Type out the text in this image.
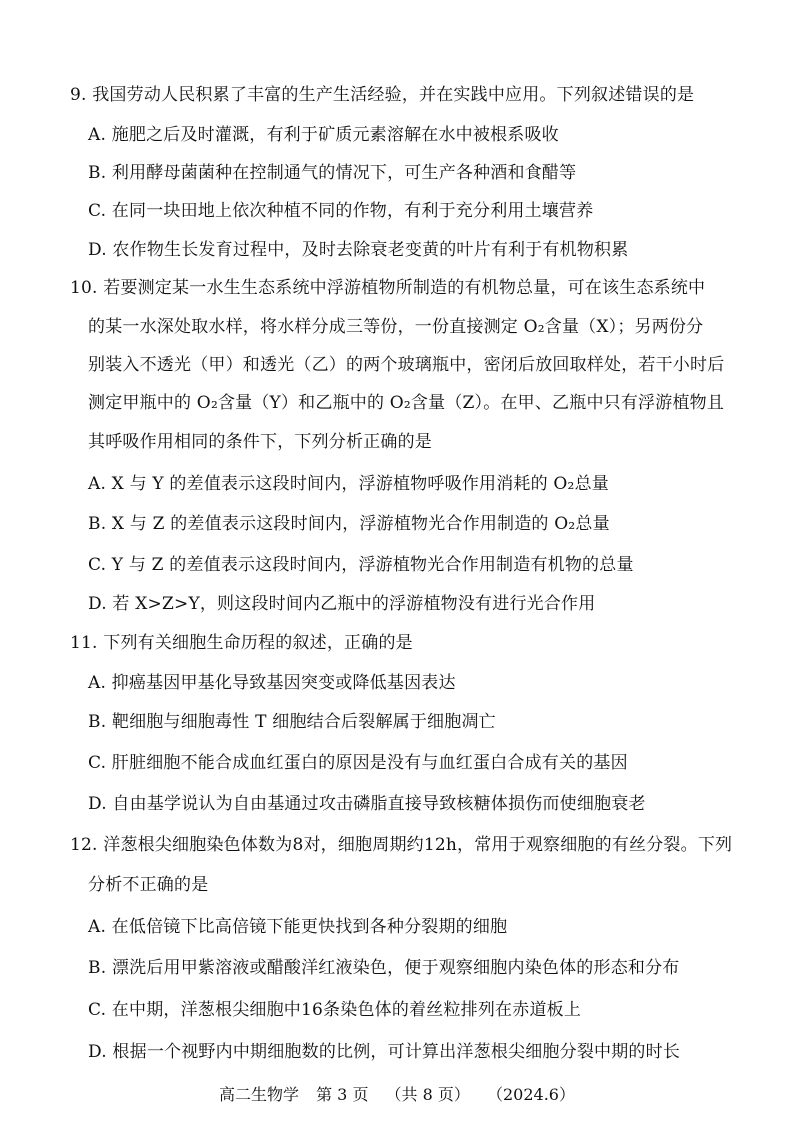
9. 我国劳动人民积累了丰富的生产生活经验，并在实践中应用。下列叙述错误的是
A. 施肥之后及时灌溉，有利于矿质元素溶解在水中被根系吸收
B. 利用酵母菌菌种在控制通气的情况下，可生产各种酒和食醋等
C. 在同一块田地上依次种植不同的作物，有利于充分利用土壤营养
D. 农作物生长发育过程中，及时去除衰老变黄的叶片有利于有机物积累
10. 若要测定某一水生生态系统中浮游植物所制造的有机物总量，可在该生态系统中
的某一水深处取水样，将水样分成三等份，一份直接测定 O₂含量（X）；另两份分
别装入不透光（甲）和透光（乙）的两个玻璃瓶中，密闭后放回取样处，若干小时后
测定甲瓶中的 O₂含量（Y）和乙瓶中的 O₂含量（Z）。在甲、乙瓶中只有浮游植物且
其呼吸作用相同的条件下，下列分析正确的是
A. X 与 Y 的差值表示这段时间内，浮游植物呼吸作用消耗的 O₂总量
B. X 与 Z 的差值表示这段时间内，浮游植物光合作用制造的 O₂总量
C. Y 与 Z 的差值表示这段时间内，浮游植物光合作用制造有机物的总量
D. 若 X>Z>Y，则这段时间内乙瓶中的浮游植物没有进行光合作用
11. 下列有关细胞生命历程的叙述，正确的是
A. 抑癌基因甲基化导致基因突变或降低基因表达
B. 靶细胞与细胞毒性 T 细胞结合后裂解属于细胞凋亡
C. 肝脏细胞不能合成血红蛋白的原因是没有与血红蛋白合成有关的基因
D. 自由基学说认为自由基通过攻击磷脂直接导致核糖体损伤而使细胞衰老
12. 洋葱根尖细胞染色体数为8对，细胞周期约12h，常用于观察细胞的有丝分裂。下列
分析不正确的是
A. 在低倍镜下比高倍镜下能更快找到各种分裂期的细胞
B. 漂洗后用甲紫溶液或醋酸洋红液染色，便于观察细胞内染色体的形态和分布
C. 在中期，洋葱根尖细胞中16条染色体的着丝粒排列在赤道板上
D. 根据一个视野内中期细胞数的比例，可计算出洋葱根尖细胞分裂中期的时长
高二生物学 第 3 页 （共 8 页） （2024.6）
